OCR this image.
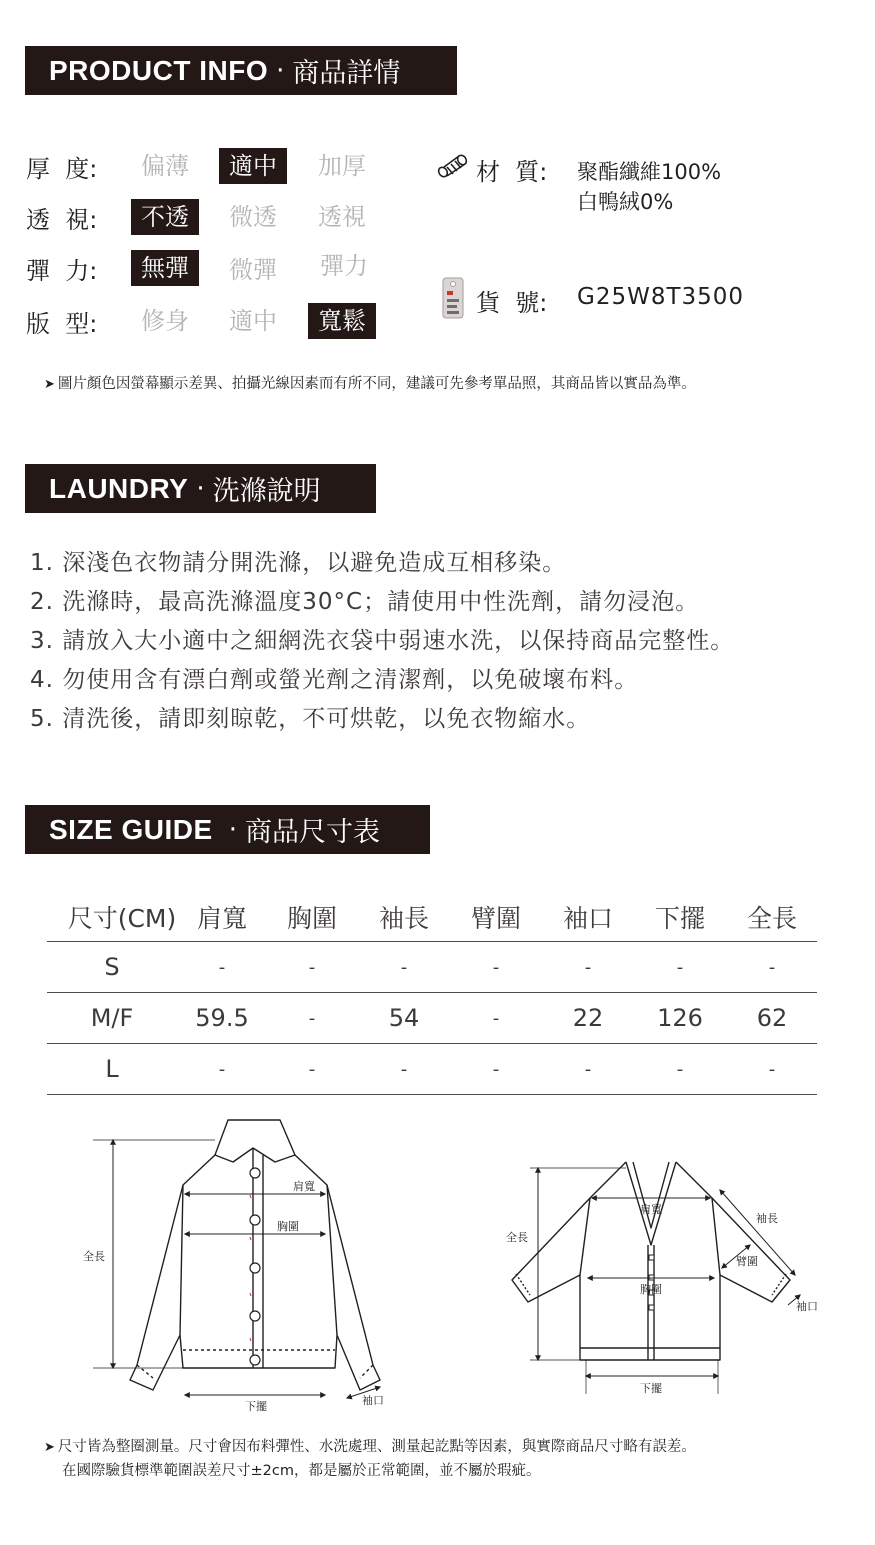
PRODUCT INFO · 商品詳情
厚  度:	偏薄	適中	加厚
透  視:	不透	微透	透視
彈  力:	無彈	微彈	彈力
版  型:	修身	適中	寬鬆
材  質: 聚酯纖維100%
白鴨絨0%
貨  號: G25W8T3500
➤ 圖片顏色因螢幕顯示差異、拍攝光線因素而有所不同，建議可先參考單品照，其商品皆以實品為準。
LAUNDRY · 洗滌說明
1. 深淺色衣物請分開洗滌，以避免造成互相移染。
2. 洗滌時，最高洗滌溫度30°C；請使用中性洗劑，請勿浸泡。
3. 請放入大小適中之細網洗衣袋中弱速水洗，以保持商品完整性。
4. 勿使用含有漂白劑或螢光劑之清潔劑，以免破壞布料。
5. 清洗後，請即刻晾乾，不可烘乾，以免衣物縮水。
SIZE GUIDE · 商品尺寸表
尺寸(CM) 肩寬	胸圍	袖長	臂圍	袖口	下擺	全長
S	-	-	-	-	-	-	-
M/F	59.5	-	54	-	22	126	62
L	-	-	-	-	-	-	-
肩寬
胸圍
全長
下擺	袖口
肩寬
袖長
全長
臂圍
胸圍
袖口
下擺
➤ 尺寸皆為整圈測量。尺寸會因布料彈性、水洗處理、測量起訖點等因素，與實際商品尺寸略有誤差。
在國際驗貨標準範圍誤差尺寸±2cm，都是屬於正常範圍，並不屬於瑕疵。
